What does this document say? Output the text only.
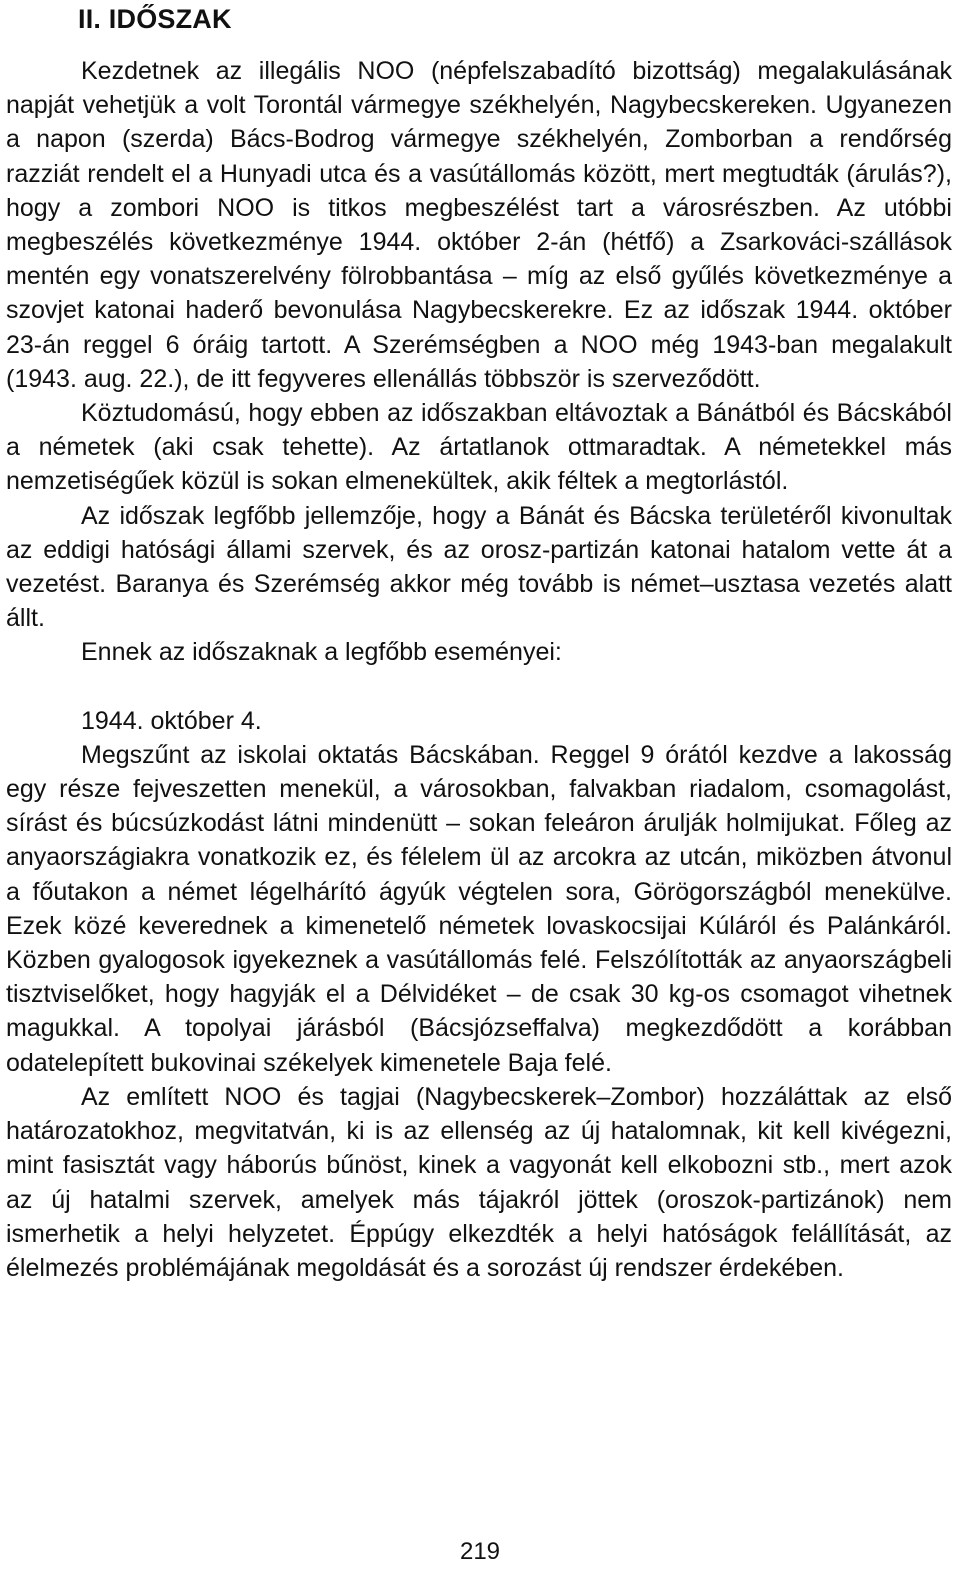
II. IDŐSZAK

Kezdetnek az illegális NOO (népfelszabadító bizottság) megalakulásának napját vehetjük a volt Torontál vármegye székhelyén, Nagybecskereken. Ugyanezen a napon (szerda) Bács-Bodrog vármegye székhelyén, Zomborban a rendőrség razziát rendelt el a Hunyadi utca és a vasútállomás között, mert megtudták (árulás?), hogy a zombori NOO is titkos megbeszélést tart a városrészben. Az utóbbi megbeszélés következménye 1944. október 2-án (hétfő) a Zsarkováci-szállások mentén egy vonatszerelvény fölrobbantása – míg az első gyűlés következménye a szovjet katonai haderő bevonulása Nagybecskerekre. Ez az időszak 1944. október 23-án reggel 6 óráig tartott. A Szerémségben a NOO még 1943-ban megalakult (1943. aug. 22.), de itt fegyveres ellenállás többször is szerveződött.

Köztudomású, hogy ebben az időszakban eltávoztak a Bánátból és Bácskából a németek (aki csak tehette). Az ártatlanok ottmaradtak. A németekkel más nemzetiségűek közül is sokan elmenekültek, akik féltek a megtorlástól.

Az időszak legfőbb jellemzője, hogy a Bánát és Bácska területéről kivonultak az eddigi hatósági állami szervek, és az orosz-partizán katonai hatalom vette át a vezetést. Baranya és Szerémség akkor még tovább is német–usztasa vezetés alatt állt.

Ennek az időszaknak a legfőbb eseményei:

1944. október 4.

Megszűnt az iskolai oktatás Bácskában. Reggel 9 órától kezdve a lakosság egy része fejveszetten menekül, a városokban, falvakban riadalom, csomagolást, sírást és búcsúzkodást látni mindenütt – sokan feleáron árulják holmijukat. Főleg az anyaországiakra vonatkozik ez, és félelem ül az arcokra az utcán, miközben átvonul a főutakon a német légelhárító ágyúk végtelen sora, Görögországból menekülve. Ezek közé keverednek a kimenetelő németek lovaskocsijai Kúláról és Palánkáról. Közben gyalogosok igyekeznek a vasútállomás felé. Felszólították az anyaországbeli tisztviselőket, hogy hagyják el a Délvidéket – de csak 30 kg-os csomagot vihetnek magukkal. A topolyai járásból (Bácsjózseffalva) megkezdődött a korábban odatelepített bukovinai székelyek kimenetele Baja felé.

Az említett NOO és tagjai (Nagybecskerek–Zombor) hozzáláttak az első határozatokhoz, megvitatván, ki is az ellenség az új hatalomnak, kit kell kivégezni, mint fasisztát vagy háborús bűnöst, kinek a vagyonát kell elkobozni stb., mert azok az új hatalmi szervek, amelyek más tájakról jöttek (oroszok-partizánok) nem ismerhetik a helyi helyzetet. Éppúgy elkezdték a helyi hatóságok felállítását, az élelmezés problémájának megoldását és a sorozást új rendszer érdekében.

219
